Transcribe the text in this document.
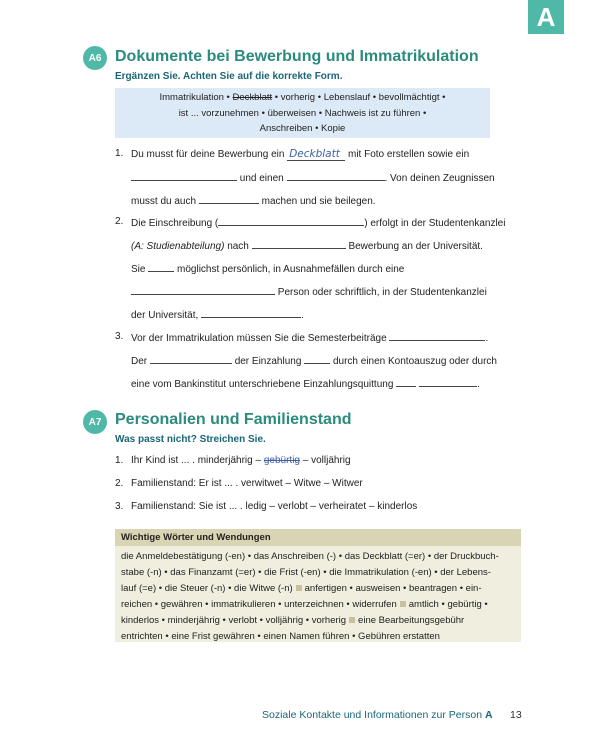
A
A6 Dokumente bei Bewerbung und Immatrikulation
Ergänzen Sie. Achten Sie auf die korrekte Form.
Immatrikulation • Deckblatt • vorherig • Lebenslauf • bevollmächtigt •
ist ... vorzunehmen • überweisen • Nachweis ist zu führen •
Anschreiben • Kopie
1. Du musst für deine Bewerbung ein Deckblatt mit Foto erstellen sowie ein
und einen	. Von deinen Zeugnissen
musst du auch	machen und sie beilegen.
2. Die Einschreibung (	) erfolgt in der Studentenkanzlei
(A: Studienabteilung) nach	Bewerbung an der Universität.
Sie	möglichst persönlich, in Ausnahmefällen durch eine
Person oder schriftlich, in der Studentenkanzlei
der Universität,	.
3. Vor der Immatrikulation müssen Sie die Semesterbeiträge	.
Der	der Einzahlung	durch einen Kontoauszug oder durch
eine vom Bankinstitut unterschriebene Einzahlungsquittung	.
A7 Personalien und Familienstand
Was passt nicht? Streichen Sie.
1. Ihr Kind ist ... . minderjährig – gebürtig – volljährig
2. Familienstand: Er ist ... . verwitwet – Witwe – Witwer
3. Familienstand: Sie ist ... . ledig – verlobt – verheiratet – kinderlos
Wichtige Wörter und Wendungen
die Anmeldebestätigung (-en) • das Anschreiben (-) • das Deckblatt (=er) • der Druckbuch-
stabe (-n) • das Finanzamt (=er) • die Frist (-en) • die Immatrikulation (-en) • der Lebens-
lauf (=e) • die Steuer (-n) • die Witwe (-n) anfertigen • ausweisen • beantragen • ein-
reichen • gewähren • immatrikulieren • unterzeichnen • widerrufen amtlich • gebürtig •
kinderlos • minderjährig • verlobt • volljährig • vorherig eine Bearbeitungsgebühr
entrichten • eine Frist gewähren • einen Namen führen • Gebühren erstatten
Soziale Kontakte und Informationen zur Person A 13
